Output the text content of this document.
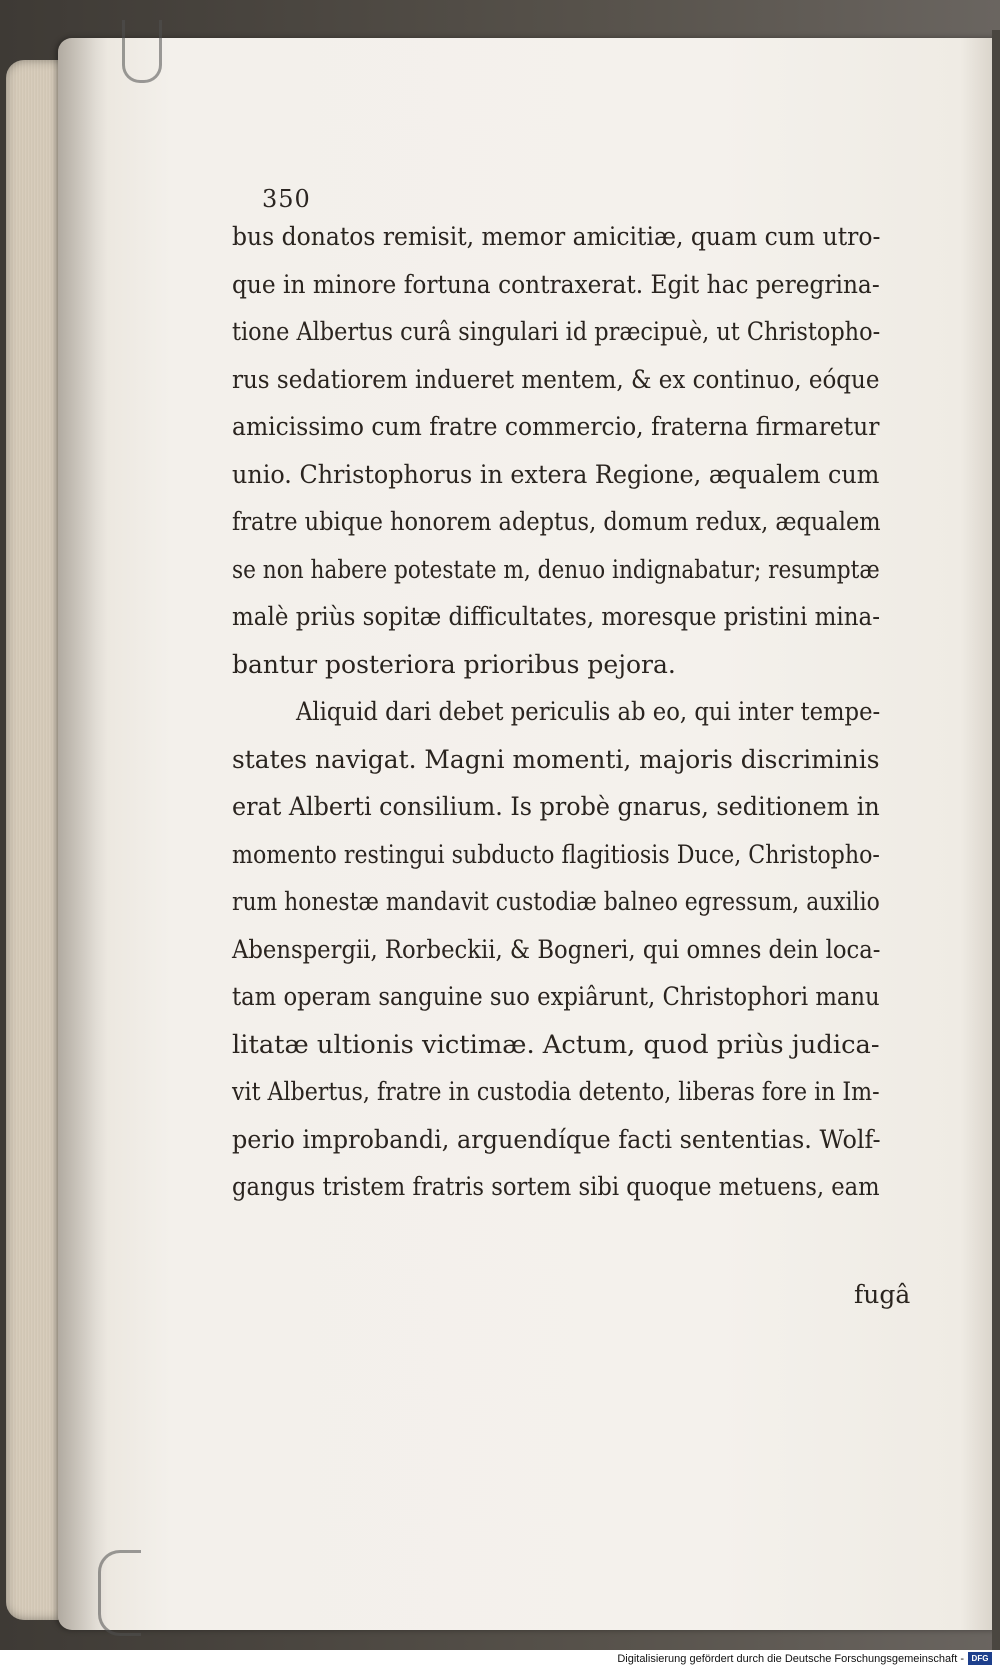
350
bus donatos remisit, memor amicitiæ, quam cum utro-
que in minore fortuna contraxerat. Egit hac peregrina-
tione Albertus curâ singulari id præcipuè, ut Christopho-
rus sedatiorem indueret mentem, & ex continuo, eóque
amicissimo cum fratre commercio, fraterna firmaretur
unio. Christophorus in extera Regione, æqualem cum
fratre ubique honorem adeptus, domum redux, æqualem
se non habere potestate m, denuo indignabatur; resumptæ
malè priùs sopitæ difficultates, moresque pristini mina-
bantur posteriora prioribus pejora.
Aliquid dari debet periculis ab eo, qui inter tempe-
states navigat. Magni momenti, majoris discriminis
erat Alberti consilium. Is probè gnarus, seditionem in
momento restingui subducto flagitiosis Duce, Christopho-
rum honestæ mandavit custodiæ balneo egressum, auxilio
Abenspergii, Rorbeckii, & Bogneri, qui omnes dein loca-
tam operam sanguine suo expiârunt, Christophori manu
litatæ ultionis victimæ. Actum, quod priùs judica-
vit Albertus, fratre in custodia detento, liberas fore in Im-
perio improbandi, arguendíque facti sententias. Wolf-
gangus tristem fratris sortem sibi quoque metuens, eam
fugâ
Digitalisierung gefördert durch die Deutsche Forschungsgemeinschaft - DFG
